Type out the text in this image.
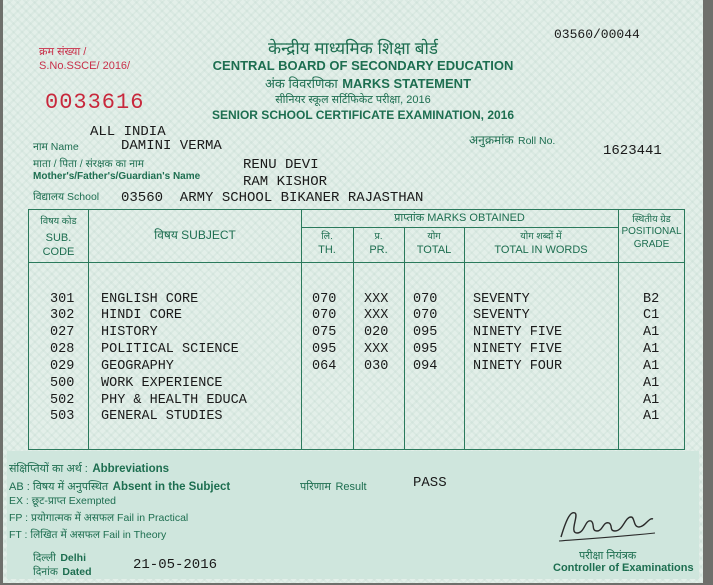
03560/00044
क्रम संख्या /
S.No.SSCE/ 2016/
0033616
केन्द्रीय माध्यमिक शिक्षा बोर्ड
CENTRAL BOARD OF SECONDARY EDUCATION
अंक विवरणिका MARKS STATEMENT
सीनियर स्कूल सर्टिफिकेट परीक्षा, 2016
SENIOR SCHOOL CERTIFICATE EXAMINATION, 2016
ALL INDIA
नाम Name	DAMINI VERMA	अनुक्रमांक Roll No.
1623441
माता / पिता / संरक्षक का नाम	RENU DEVI
Mother's/Father's/Guardian's Name	RAM KISHOR
विद्यालय School 03560  ARMY SCHOOL BIKANER RAJASTHAN
विषय कोड
SUB.
CODE
विषय SUBJECT
प्राप्तांक MARKS OBTAINED
लि.
TH.
प्र.
PR.
योग
TOTAL
योग शब्दों में
TOTAL IN WORDS
स्थितीय ग्रेड
POSITIONAL
GRADE
301 ENGLISH CORE	070 XXX 070	SEVENTY	B2
302 HINDI CORE	070 XXX 070	SEVENTY	C1
027 HISTORY	075 020 095	NINETY FIVE	A1
028 POLITICAL SCIENCE	095 XXX 095	NINETY FIVE	A1
029 GEOGRAPHY	064 030 094	NINETY FOUR	A1
500 WORK EXPERIENCE	A1
502 PHY & HEALTH EDUCA	A1
503 GENERAL STUDIES	A1
संक्षिप्तियों का अर्थ : Abbreviations
AB : विषय में अनुपस्थित Absent in the Subject	परिणाम Result	PASS
EX : छूट-प्राप्त Exempted
FP : प्रयोगात्मक में असफल Fail in Practical
FT : लिखित में असफल Fail in Theory
दिल्ली Delhi
दिनांक Dated	21-05-2016
परीक्षा नियंत्रक
Controller of Examinations
